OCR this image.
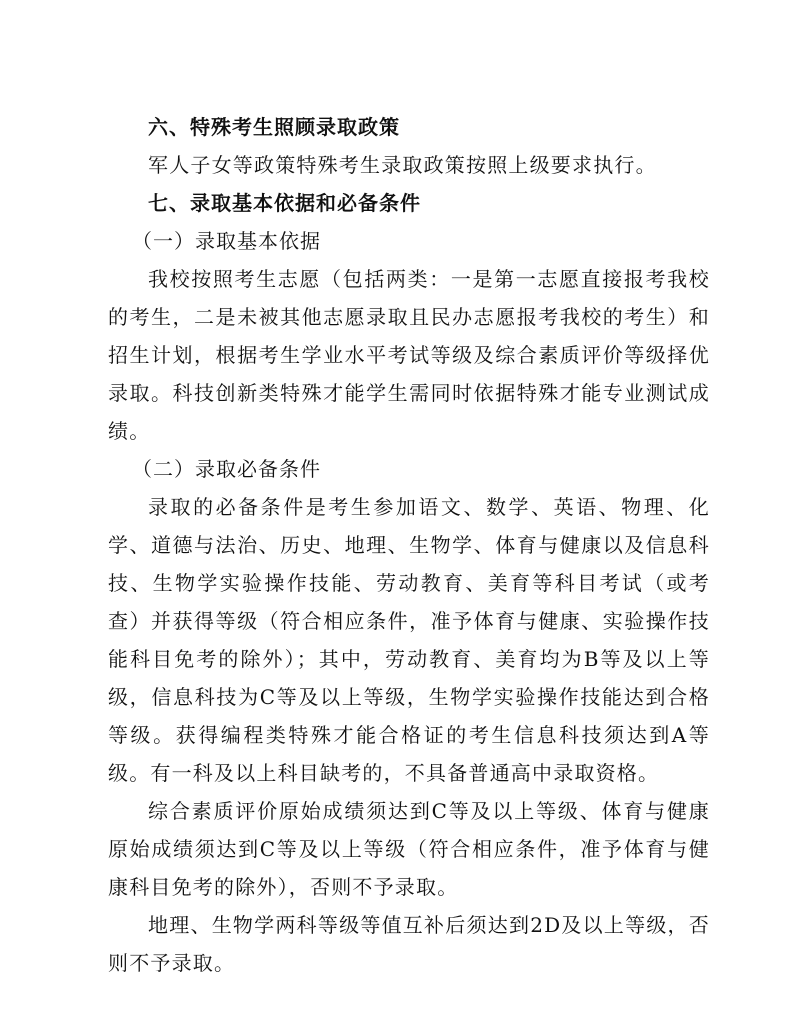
六、特殊考生照顾录取政策

军人子女等政策特殊考生录取政策按照上级要求执行。

七、录取基本依据和必备条件

（一）录取基本依据

我校按照考生志愿（包括两类：一是第一志愿直接报考我校的考生，二是未被其他志愿录取且民办志愿报考我校的考生）和招生计划，根据考生学业水平考试等级及综合素质评价等级择优录取。科技创新类特殊才能学生需同时依据特殊才能专业测试成绩。

（二）录取必备条件

录取的必备条件是考生参加语文、数学、英语、物理、化学、道德与法治、历史、地理、生物学、体育与健康以及信息科技、生物学实验操作技能、劳动教育、美育等科目考试（或考查）并获得等级（符合相应条件，准予体育与健康、实验操作技能科目免考的除外）；其中，劳动教育、美育均为B等及以上等级，信息科技为C等及以上等级，生物学实验操作技能达到合格等级。获得编程类特殊才能合格证的考生信息科技须达到A等级。有一科及以上科目缺考的，不具备普通高中录取资格。

综合素质评价原始成绩须达到C等及以上等级、体育与健康原始成绩须达到C等及以上等级（符合相应条件，准予体育与健康科目免考的除外），否则不予录取。

地理、生物学两科等级等值互补后须达到2D及以上等级，否则不予录取。
